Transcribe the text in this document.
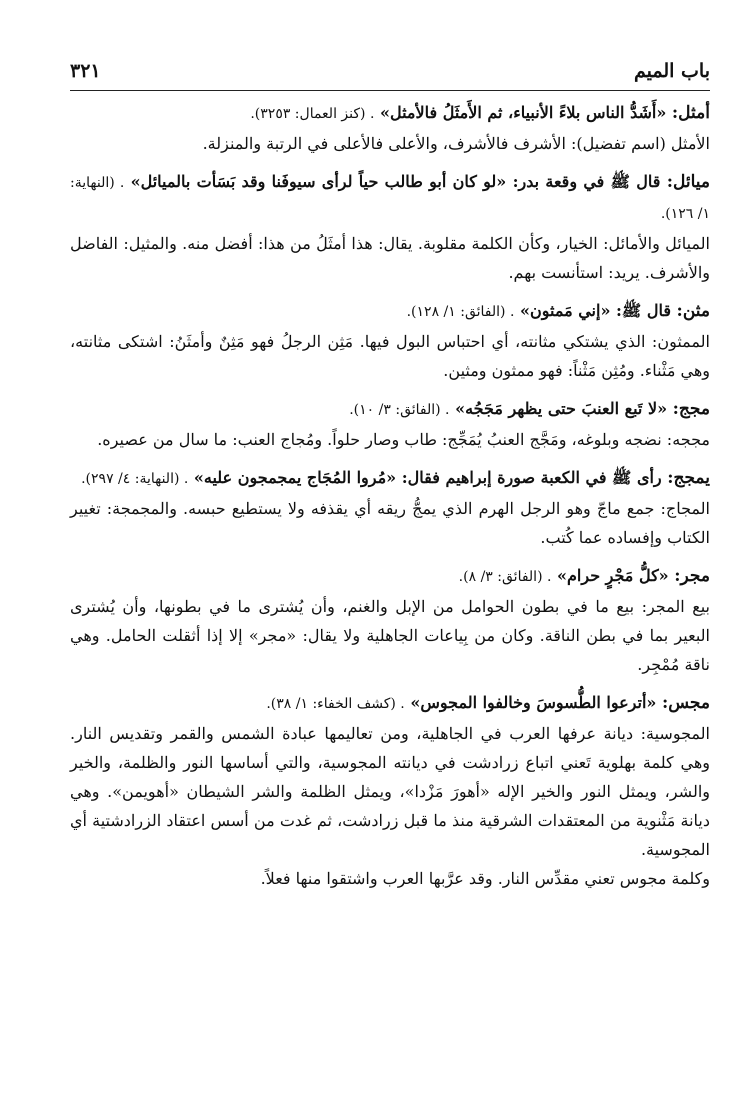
باب الميم
٣٢١

أمثل: «أَشَدُّ الناس بلاءً الأنبياء، ثم الأَمثَلُ فالأمثل» . (كنز العمال: ٣٢٥٣).

الأمثل (اسم تفضيل): الأشرف فالأشرف، والأعلى فالأعلى في الرتبة والمنزلة.

ميائل: قال ﷺ في وقعة بدر: «لو كان أبو طالب حياً لرأى سيوفَنا وقد بَسَأت بالميائل» . (النهاية: ١/ ١٢٦).

الميائل والأمائل: الخيار، وكأن الكلمة مقلوبة. يقال: هذا أمثَلُ من هذا: أفضل منه. والمثيل: الفاضل والأشرف. يريد: استأنست بهم.

مثن: قال ﷺ: «إني مَمثون» . (الفائق: ١/ ١٢٨).

الممثون: الذي يشتكي مثانته، أي احتباس البول فيها. مَثِن الرجلُ فهو مَثِنٌ وأمثَنُ: اشتكى مثانته، وهي مَثْناء. ومُثِن مَثْناً: فهو ممثون ومثين.

مجج: «لا تَبع العنبَ حتى يظهر مَجَجُه» . (الفائق: ٣/ ١٠).

مججه: نضجه وبلوغه، ومَجَّج العنبُ يُمَجِّج: طاب وصار حلواً. ومُجاج العنب: ما سال من عصيره.

يمجج: رأى ﷺ في الكعبة صورة إبراهيم فقال: «مُروا المُجَاج يمجمجون عليه» . (النهاية: ٤/ ٢٩٧).

المجاج: جمع ماجّ وهو الرجل الهرم الذي يمجُّ ريقه أي يقذفه ولا يستطيع حبسه. والمجمجة: تغيير الكتاب وإفساده عما كُتب.

مجر: «كلُّ مَجْرٍ حرام» . (الفائق: ٣/ ٨).

بيع المجر: بيع ما في بطون الحوامل من الإبل والغنم، وأن يُشترى ما في بطونها، وأن يُشترى البعير بما في بطن الناقة. وكان من بِياعات الجاهلية ولا يقال: «مجر» إلا إذا أثقلت الحامل. وهي ناقة مُمْجِر.

مجس: «أترعوا الطُّسوسَ وخالفوا المجوس» . (كشف الخفاء: ١/ ٣٨).

المجوسية: ديانة عرفها العرب في الجاهلية، ومن تعاليمها عبادة الشمس والقمر وتقديس النار. وهي كلمة بهلوية تَعني اتباع زرادشت في ديانته المجوسية، والتي أساسها النور والظلمة، والخير والشر، ويمثل النور والخير الإله «أهورَ مَزْدا»، ويمثل الظلمة والشر الشيطان «أهويمن». وهي ديانة مَثْنوية من المعتقدات الشرقية منذ ما قبل زرادشت، ثم غدت من أسس اعتقاد الزرادشتية أي المجوسية.

وكلمة مجوس تعني مقدِّس النار. وقد عرَّبها العرب واشتقوا منها فعلاً.
